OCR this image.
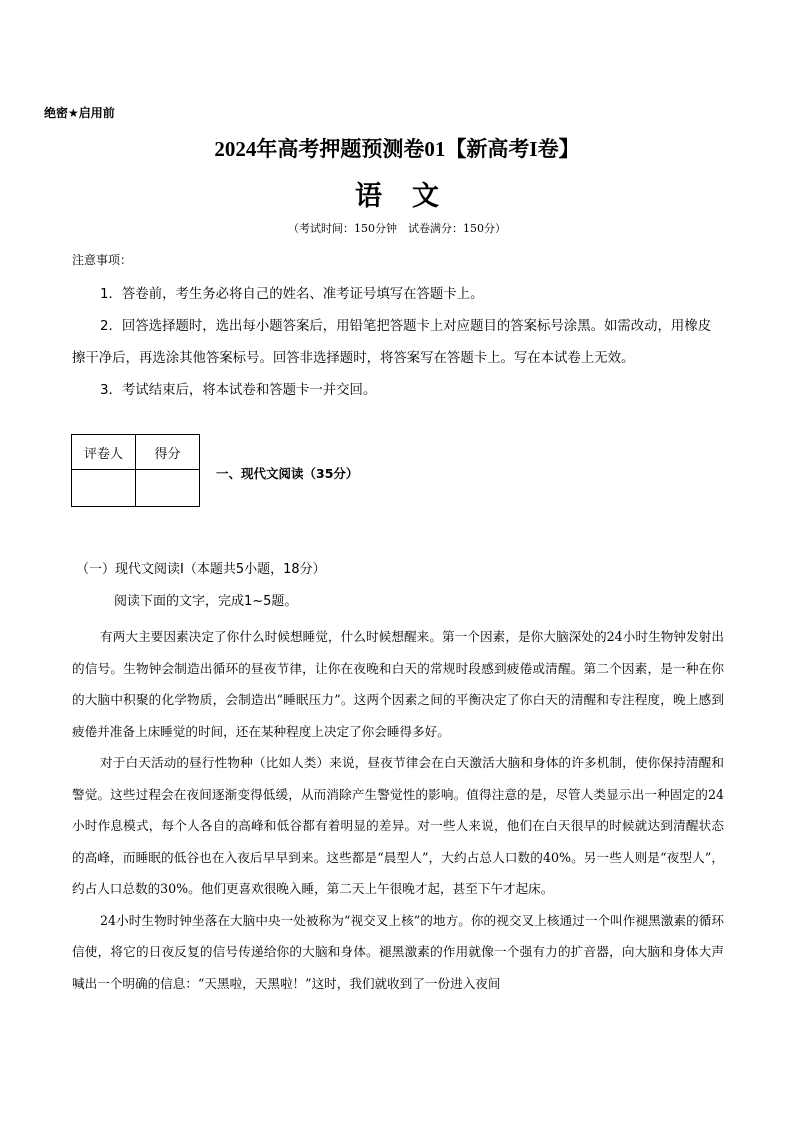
绝密★启用前
2024年高考押题预测卷01【新高考I卷】
语文
（考试时间：150分钟　试卷满分：150分）
注意事项：
1．答卷前，考生务必将自己的姓名、准考证号填写在答题卡上。
2．回答选择题时，选出每小题答案后，用铅笔把答题卡上对应题目的答案标号涂黑。如需改动，用橡皮擦干净后，再选涂其他答案标号。回答非选择题时，将答案写在答题卡上。写在本试卷上无效。
3．考试结束后，将本试卷和答题卡一并交回。
评卷人	得分

一、现代文阅读（35分）
（一）现代文阅读I（本题共5小题，18分）
阅读下面的文字，完成1~5题。

有两大主要因素决定了你什么时候想睡觉，什么时候想醒来。第一个因素，是你大脑深处的24小时生物钟发射出的信号。生物钟会制造出循环的昼夜节律，让你在夜晚和白天的常规时段感到疲倦或清醒。第二个因素，是一种在你的大脑中积聚的化学物质，会制造出“睡眠压力”。这两个因素之间的平衡决定了你白天的清醒和专注程度，晚上感到疲倦并准备上床睡觉的时间，还在某种程度上决定了你会睡得多好。

对于白天活动的昼行性物种（比如人类）来说，昼夜节律会在白天激活大脑和身体的许多机制，使你保持清醒和警觉。这些过程会在夜间逐渐变得低缓，从而消除产生警觉性的影响。值得注意的是，尽管人类显示出一种固定的24小时作息模式，每个人各自的高峰和低谷都有着明显的差异。对一些人来说，他们在白天很早的时候就达到清醒状态的高峰，而睡眠的低谷也在入夜后早早到来。这些都是“晨型人”，大约占总人口数的40%。另一些人则是“夜型人”，约占人口总数的30%。他们更喜欢很晚入睡，第二天上午很晚才起，甚至下午才起床。

24小时生物时钟坐落在大脑中央一处被称为“视交叉上核”的地方。你的视交叉上核通过一个叫作褪黑激素的循环信使，将它的日夜反复的信号传递给你的大脑和身体。褪黑激素的作用就像一个强有力的扩音器，向大脑和身体大声喊出一个明确的信息：“天黑啦，天黑啦！”这时，我们就收到了一份进入夜间
